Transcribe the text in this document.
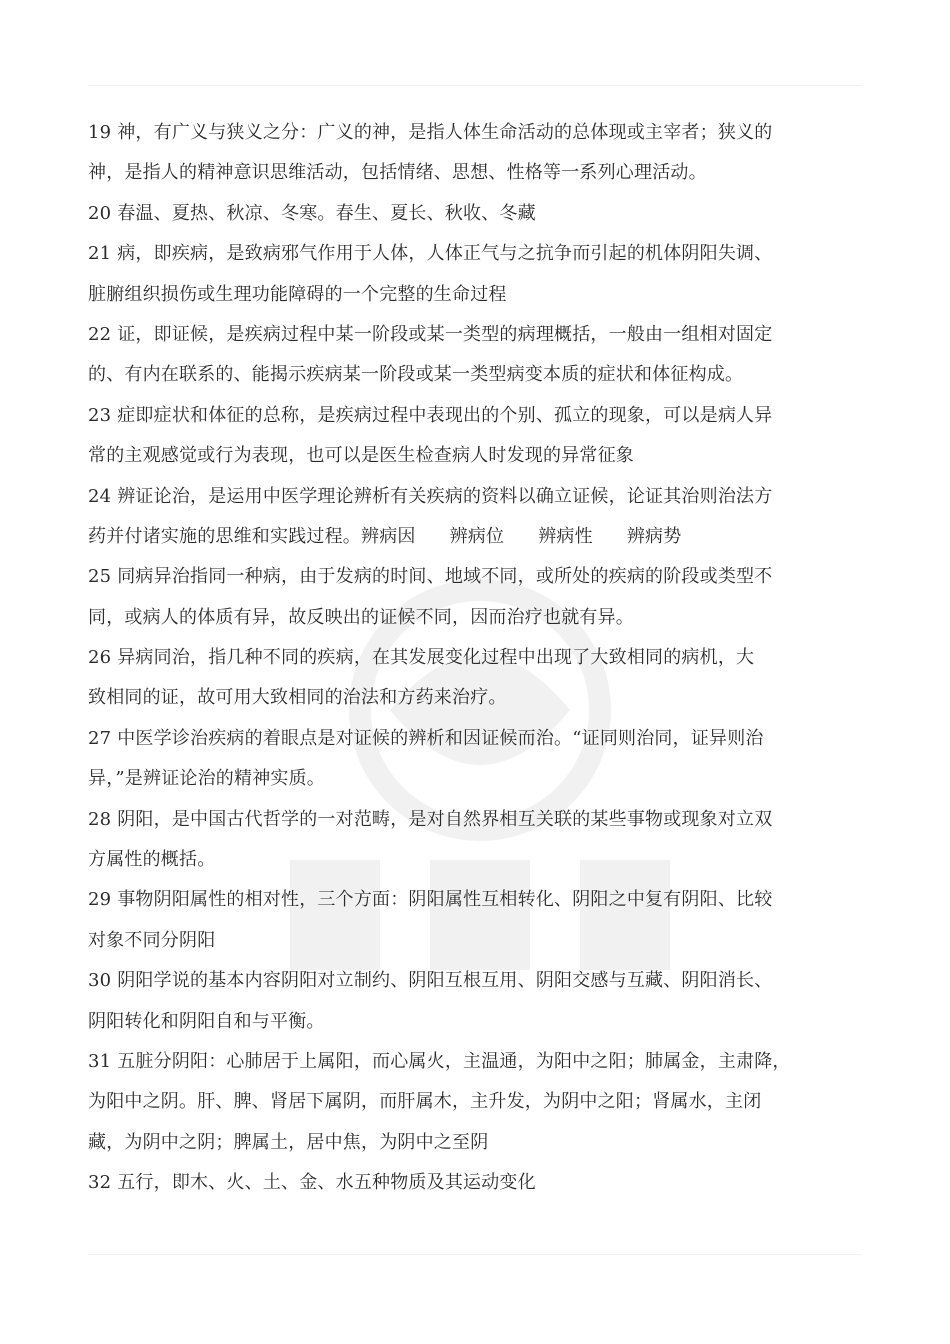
19 神，有广义与狭义之分：广义的神，是指人体生命活动的总体现或主宰者；狭义的
神，是指人的精神意识思维活动，包括情绪、思想、性格等一系列心理活动。
20 春温、夏热、秋凉、冬寒。春生、夏长、秋收、冬藏
21 病，即疾病，是致病邪气作用于人体，人体正气与之抗争而引起的机体阴阳失调、
脏腑组织损伤或生理功能障碍的一个完整的生命过程
22 证，即证候，是疾病过程中某一阶段或某一类型的病理概括，一般由一组相对固定
的、有内在联系的、能揭示疾病某一阶段或某一类型病变本质的症状和体征构成。
23 症即症状和体征的总称，是疾病过程中表现出的个别、孤立的现象，可以是病人异
常的主观感觉或行为表现，也可以是医生检查病人时发现的异常征象
24 辨证论治，是运用中医学理论辨析有关疾病的资料以确立证候，论证其治则治法方
药并付诸实施的思维和实践过程。辨病因 辨病位 辨病性 辨病势
25 同病异治指同一种病，由于发病的时间、地域不同，或所处的疾病的阶段或类型不
同，或病人的体质有异，故反映出的证候不同，因而治疗也就有异。
26 异病同治，指几种不同的疾病，在其发展变化过程中出现了大致相同的病机，大
致相同的证，故可用大致相同的治法和方药来治疗。
27 中医学诊治疾病的着眼点是对证候的辨析和因证候而治。“证同则治同，证异则治
异，”是辨证论治的精神实质。
28 阴阳，是中国古代哲学的一对范畴，是对自然界相互关联的某些事物或现象对立双
方属性的概括。
29 事物阴阳属性的相对性，三个方面：阴阳属性互相转化、阴阳之中复有阴阳、比较
对象不同分阴阳
30 阴阳学说的基本内容阴阳对立制约、阴阳互根互用、阴阳交感与互藏、阴阳消长、
阴阳转化和阴阳自和与平衡。
31 五脏分阴阳：心肺居于上属阳，而心属火，主温通，为阳中之阳；肺属金，主肃降，
为阳中之阴。肝、脾、肾居下属阴，而肝属木，主升发，为阴中之阳；肾属水，主闭
藏，为阴中之阴；脾属土，居中焦，为阴中之至阴
32 五行，即木、火、土、金、水五种物质及其运动变化
